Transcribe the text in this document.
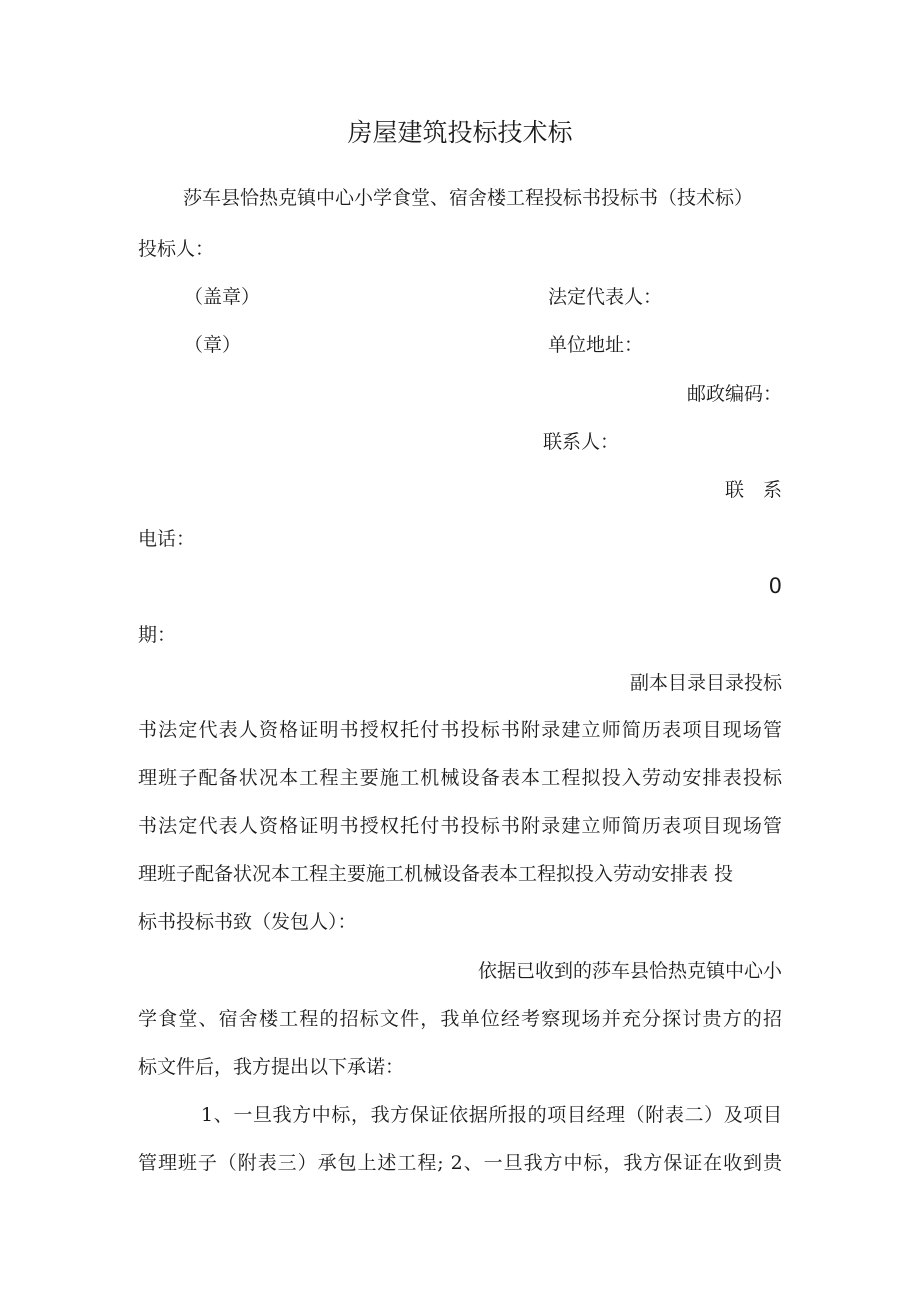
房屋建筑投标技术标
莎车县恰热克镇中心小学食堂、宿舍楼工程投标书投标书（技术标）
投标人：
（盖章）	法定代表人：
（章）	单位地址：
邮政编码：
联系人：
联　系
电话：
0
期：
副本目录目录投标
书法定代表人资格证明书授权托付书投标书附录建立师简历表项目现场管
理班子配备状况本工程主要施工机械设备表本工程拟投入劳动安排表投标
书法定代表人资格证明书授权托付书投标书附录建立师简历表项目现场管
理班子配备状况本工程主要施工机械设备表本工程拟投入劳动安排表 投
标书投标书致（发包人）：
依据已收到的莎车县恰热克镇中心小
学食堂、宿舍楼工程的招标文件，我单位经考察现场并充分探讨贵方的招
标文件后，我方提出以下承诺：
1、一旦我方中标，我方保证依据所报的项目经理（附表二）及项目
管理班子（附表三）承包上述工程; 2、一旦我方中标，我方保证在收到贵
